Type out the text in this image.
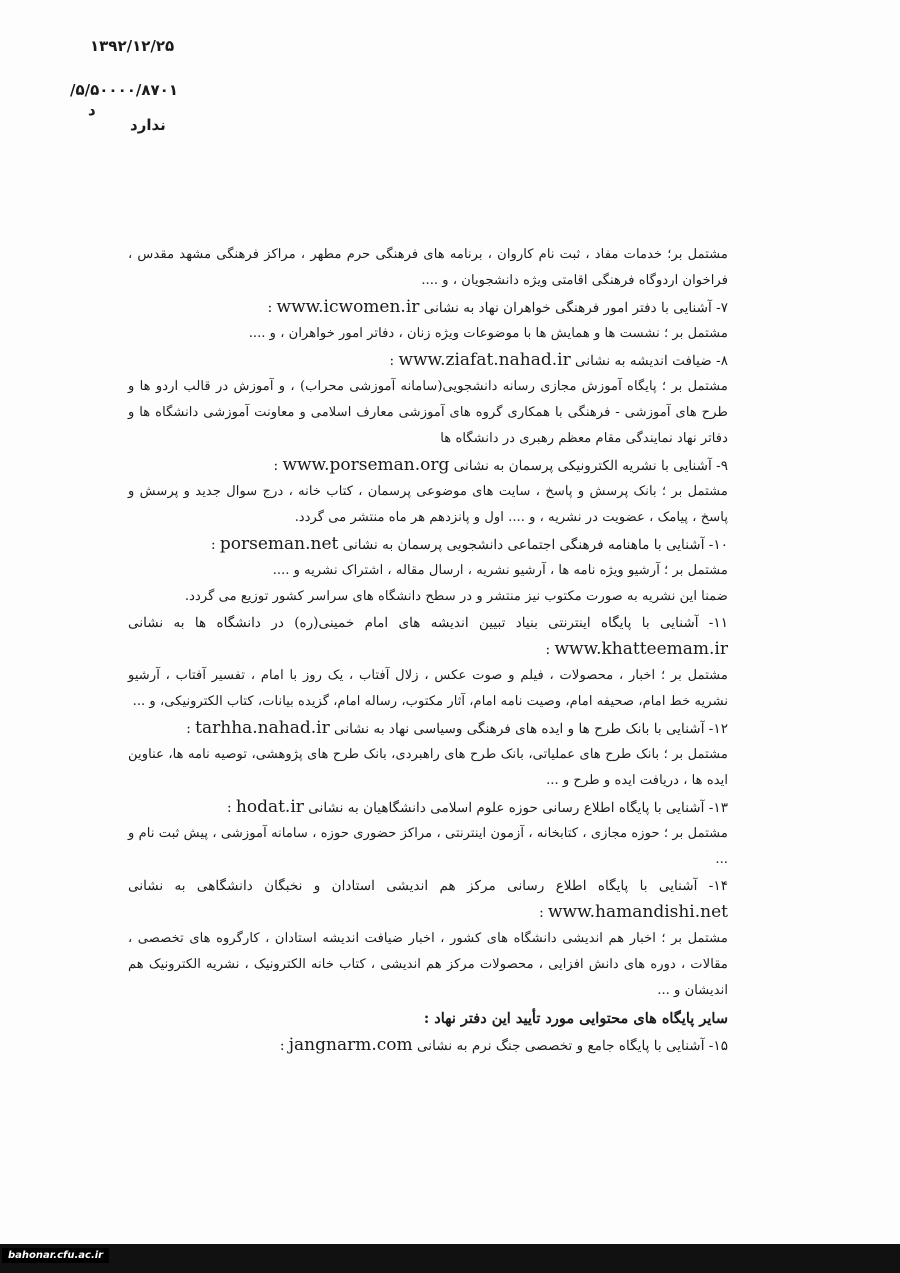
۱۳۹۲/۱۲/۲۵
۵/۵۰۰۰۰/۸۷۰۱/د
ندارد

مشتمل بر؛ خدمات مفاد ، ثبت نام کاروان ، برنامه های فرهنگی حرم مطهر ، مراکز فرهنگی مشهد مقدس ، فراخوان اردوگاه فرهنگی اقامتی ویژه دانشجویان ، و ....

۷- آشنایی با دفتر امور فرهنگی خواهران نهاد به نشانی www.icwomen.ir :

مشتمل بر ؛ نشست ها و همایش ها با موضوعات ویژه زنان ، دفاتر امور خواهران ، و ....

۸- ضیافت اندیشه به نشانی www.ziafat.nahad.ir :

مشتمل بر ؛ پایگاه آموزش مجازی رسانه دانشجویی(سامانه آموزشی محراب) ، و آموزش در قالب اردو ها و طرح های آموزشی - فرهنگی با همکاری گروه های آموزشی معارف اسلامی و معاونت آموزشی دانشگاه ها و دفاتر نهاد نمایندگی مقام معظم رهبری در دانشگاه ها

۹- آشنایی با نشریه الکترونیکی پرسمان به نشانی www.porseman.org :

مشتمل بر ؛ بانک پرسش و پاسخ ، سایت های موضوعی پرسمان ، کتاب خانه ، درج سوال جدید و پرسش و پاسخ ، پیامک ، عضویت در نشریه ، و .... اول و پانزدهم هر ماه منتشر می گردد.

۱۰- آشنایی با ماهنامه فرهنگی اجتماعی دانشجویی پرسمان به نشانی porseman.net :

مشتمل بر ؛ آرشیو ویژه نامه ها ، آرشیو نشریه ، ارسال مقاله ، اشتراک نشریه و ....

ضمنا این نشریه به صورت مکتوب نیز منتشر و در سطح دانشگاه های سراسر کشور توزیع می گردد.

۱۱- آشنایی با پایگاه اینترنتی بنیاد تبیین اندیشه های امام خمینی(ره) در دانشگاه ها به نشانی www.khatteemam.ir :

مشتمل بر ؛ اخبار ، محصولات ، فیلم و صوت عکس ، زلال آفتاب ، یک روز با امام ، تفسیر آفتاب ، آرشیو نشریه خط امام، صحیفه امام، وصیت نامه امام، آثار مکتوب، رساله امام، گزیده بیانات، کتاب الکترونیکی، و ...

۱۲- آشنایی با بانک طرح ها و ایده های فرهنگی وسیاسی نهاد به نشانی tarhha.nahad.ir :

مشتمل بر ؛ بانک طرح های عملیاتی، بانک طرح های راهبردی، بانک طرح های پژوهشی، توصیه نامه ها، عناوین ایده ها ، دریافت ایده و طرح و ...

۱۳- آشنایی با پایگاه اطلاع رسانی حوزه علوم اسلامی دانشگاهیان به نشانی hodat.ir :

مشتمل بر ؛ حوزه مجازی ، کتابخانه ، آزمون اینترنتی ، مراکز حضوری حوزه ، سامانه آموزشی ، پیش ثبت نام و ...

۱۴- آشنایی با پایگاه اطلاع رسانی مرکز هم اندیشی استادان و نخبگان دانشگاهی به نشانی www.hamandishi.net :

مشتمل بر ؛ اخبار هم اندیشی دانشگاه های کشور ، اخبار ضیافت اندیشه استادان ، کارگروه های تخصصی ، مقالات ، دوره های دانش افزایی ، محصولات مرکز هم اندیشی ، کتاب خانه الکترونیک ، نشریه الکترونیک هم اندیشان و ...

سایر پایگاه های محتوایی مورد تأیید این دفتر نهاد :

۱۵- آشنایی با پایگاه جامع و تخصصی جنگ نرم به نشانی jangnarm.com :

bahonar.cfu.ac.ir
